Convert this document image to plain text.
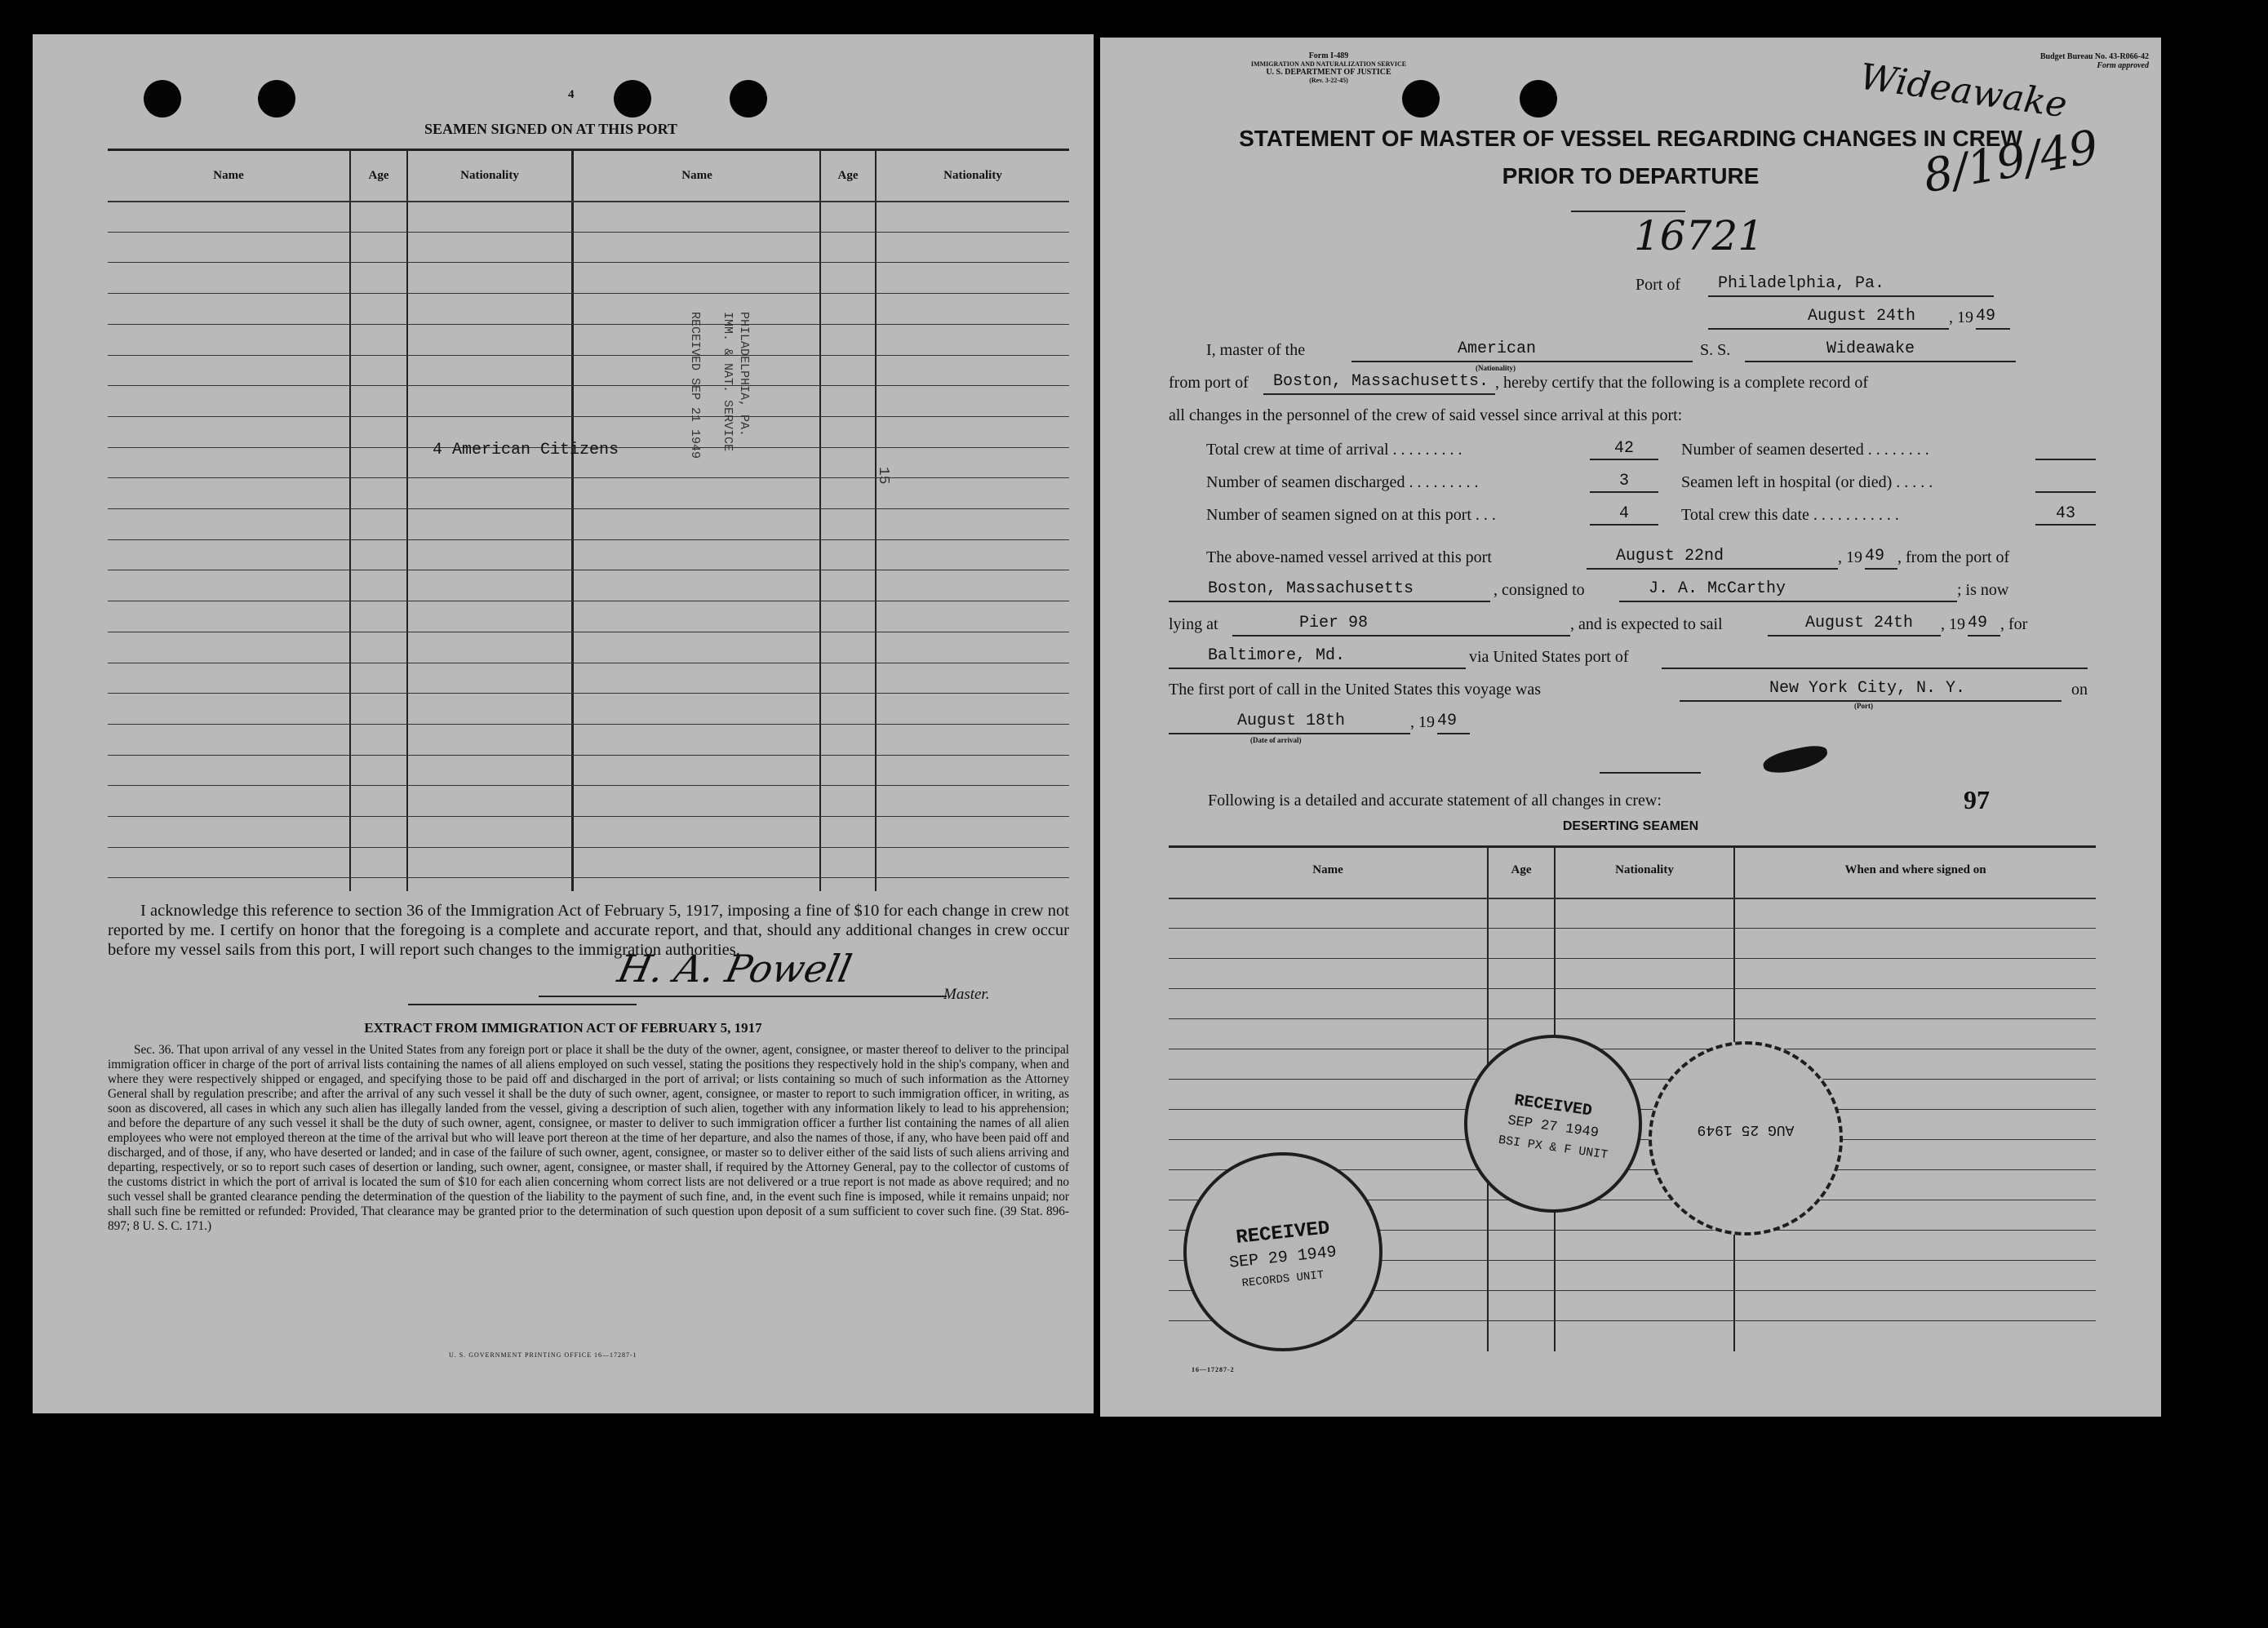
4
SEAMEN SIGNED ON AT THIS PORT
Name	Age	Nationality	Name	Age	Nationality
4 American Citizens	RECEIVED SEP 21 1949 IMM. & NAT. SERVICE PHILADELPHIA, PA.
15
I acknowledge this reference to section 36 of the Immigration Act of February 5, 1917, imposing a fine of $10 for each change in crew not reported by me. I certify on honor that the foregoing is a complete and accurate report, and that, should any additional changes in crew occur before my vessel sails from this port, I will report such changes to the immigration authorities.
H. A. Powell
Master.
EXTRACT FROM IMMIGRATION ACT OF FEBRUARY 5, 1917
Sec. 36. That upon arrival of any vessel in the United States from any foreign port or place it shall be the duty of the owner, agent, consignee, or master thereof to deliver to the principal immigration officer in charge of the port of arrival lists containing the names of all aliens employed on such vessel, stating the positions they respectively hold in the ship's company, when and where they were respectively shipped or engaged, and specifying those to be paid off and discharged in the port of arrival; or lists containing so much of such information as the Attorney General shall by regulation prescribe; and after the arrival of any such vessel it shall be the duty of such owner, agent, consignee, or master to report to such immigration officer, in writing, as soon as discovered, all cases in which any such alien has illegally landed from the vessel, giving a description of such alien, together with any information likely to lead to his apprehension; and before the departure of any such vessel it shall be the duty of such owner, agent, consignee, or master to deliver to such immigration officer a further list containing the names of all alien employees who were not employed thereon at the time of the arrival but who will leave port thereon at the time of her departure, and also the names of those, if any, who have been paid off and discharged, and of those, if any, who have deserted or landed; and in case of the failure of such owner, agent, consignee, or master so to deliver either of the said lists of such aliens arriving and departing, respectively, or so to report such cases of desertion or landing, such owner, agent, consignee, or master shall, if required by the Attorney General, pay to the collector of customs of the customs district in which the port of arrival is located the sum of $10 for each alien concerning whom correct lists are not delivered or a true report is not made as above required; and no such vessel shall be granted clearance pending the determination of the question of the liability to the payment of such fine, and, in the event such fine is imposed, while it remains unpaid; nor shall such fine be remitted or refunded: Provided, That clearance may be granted prior to the determination of such question upon deposit of a sum sufficient to cover such fine. (39 Stat. 896-897; 8 U. S. C. 171.)
U. S. GOVERNMENT PRINTING OFFICE 16—17287-1
Form I-489
IMMIGRATION AND NATURALIZATION SERVICE
U. S. DEPARTMENT OF JUSTICE
(Rev. 3-22-45)
Budget Bureau No. 43-R066-42
Form approved
Wideawake
8/19/49
STATEMENT OF MASTER OF VESSEL REGARDING CHANGES IN CREW
PRIOR TO DEPARTURE
16721
Port of	Philadelphia, Pa.
August 24th	, 19 49
I, master of the	American
(Nationality)
S. S.	Wideawake
from port of	Boston, Massachusetts. , hereby certify that the following is a complete record of
all changes in the personnel of the crew of said vessel since arrival at this port:
Total crew at time of arrival . . . . . . . . .	42	Number of seamen deserted . . . . . . . .
Number of seamen discharged . . . . . . . . .	3	Seamen left in hospital (or died) . . . . .
Number of seamen signed on at this port . . .	4	Total crew this date . . . . . . . . . . .	43
The above-named vessel arrived at this port	August 22nd	, 19 49 , from the port of
Boston, Massachusetts	, consigned to	J. A. McCarthy	; is now
lying at	Pier 98	, and is expected to sail	August 24th	, 19 49 , for
Baltimore, Md.	via United States port of
The first port of call in the United States this voyage was	New York City, N. Y.
(Port)
on
August 18th	, 19 49
(Date of arrival)
Following is a detailed and accurate statement of all changes in crew:	97
DESERTING SEAMEN
Name	Age	Nationality	When and where signed on
RECEIVED
SEP 27 1949
BSI PX & F UNIT
AUG 25 1949
RECEIVED
SEP 29 1949
RECORDS UNIT
16—17287-2
